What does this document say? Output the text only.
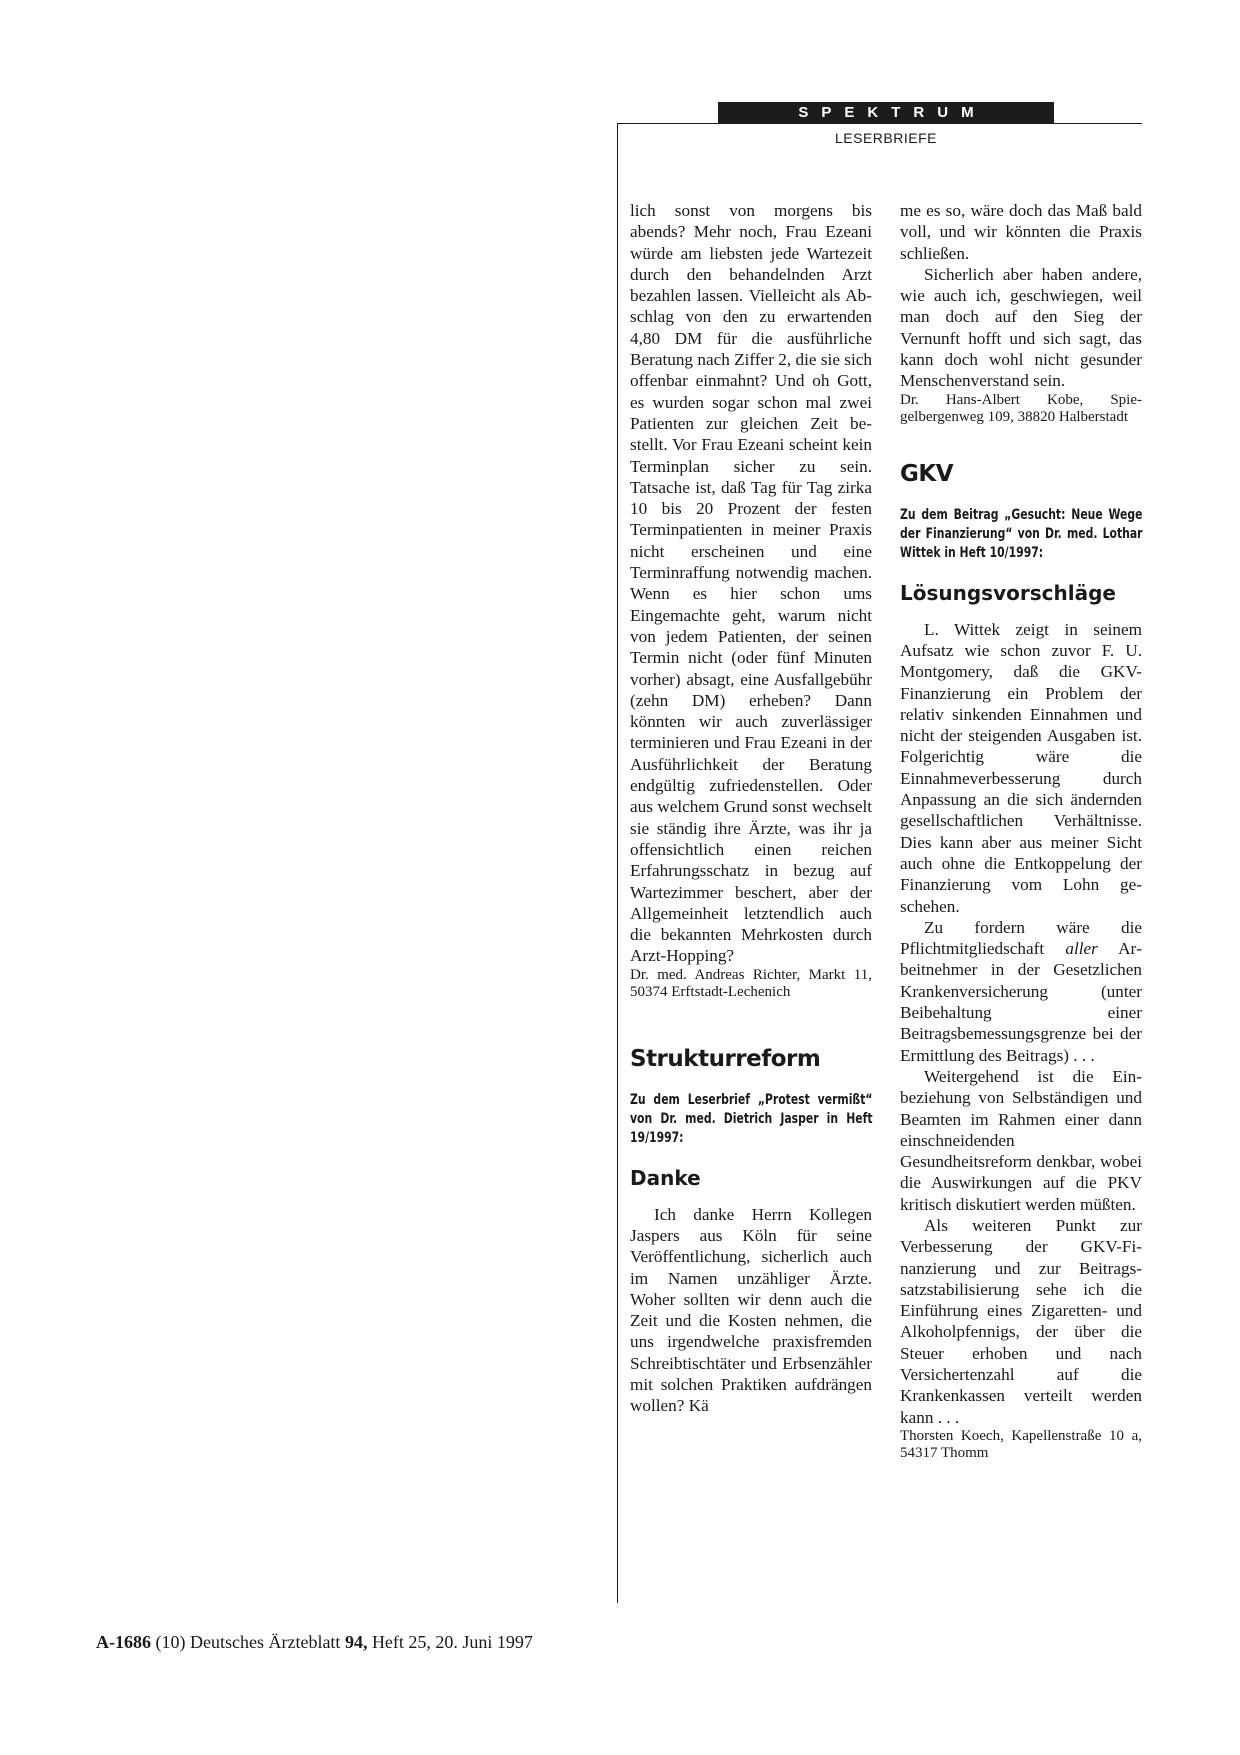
SPEKTRUM
LESERBRIEFE

lich sonst von morgens bis abends? Mehr noch, Frau Ezeani würde am liebsten jede Wartezeit durch den behandelnden Arzt bezahlen lassen. Vielleicht als Abschlag von den zu erwartenden 4,80 DM für die ausführliche Beratung nach Ziffer 2, die sie sich offenbar einmahnt? Und oh Gott, es wurden sogar schon mal zwei Patienten zur gleichen Zeit bestellt. Vor Frau Ezeani scheint kein Terminplan sicher zu sein. Tatsache ist, daß Tag für Tag zirka 10 bis 20 Prozent der festen Terminpatienten in meiner Praxis nicht erscheinen und eine Terminraffung notwendig machen. Wenn es hier schon ums Eingemachte geht, warum nicht von jedem Patienten, der seinen Termin nicht (oder fünf Minuten vorher) absagt, eine Ausfallgebühr (zehn DM) erheben? Dann könnten wir auch zuverlässiger terminieren und Frau Ezeani in der Ausführlichkeit der Beratung endgültig zufriedenstellen. Oder aus welchem Grund sonst wechselt sie ständig ihre Ärzte, was ihr ja offensichtlich einen reichen Erfahrungsschatz in bezug auf Wartezimmer beschert, aber der Allgemeinheit letztendlich auch die bekannten Mehrkosten durch Arzt-Hopping?

Dr. med. Andreas Richter, Markt 11, 50374 Erftstadt-Lechenich

Strukturreform
Zu dem Leserbrief „Protest vermißt“ von Dr. med. Dietrich Jasper in Heft 19/1997:
Danke

Ich danke Herrn Kollegen Jaspers aus Köln für seine Veröffentlichung, sicherlich auch im Namen unzähliger Ärzte. Woher sollten wir denn auch die Zeit und die Kosten nehmen, die uns irgendwelche praxisfremden Schreibtischtäter und Erbsenzähler mit solchen Praktiken aufdrängen wollen? Kä

me es so, wäre doch das Maß bald voll, und wir könnten die Praxis schließen.

Sicherlich aber haben andere, wie auch ich, geschwiegen, weil man doch auf den Sieg der Vernunft hofft und sich sagt, das kann doch wohl nicht gesunder Menschenverstand sein.

Dr. Hans-Albert Kobe, Spiegelbergenweg 109, 38820 Halberstadt

GKV
Zu dem Beitrag „Gesucht: Neue Wege der Finanzierung“ von Dr. med. Lothar Wittek in Heft 10/1997:
Lösungsvorschläge

L. Wittek zeigt in seinem Aufsatz wie schon zuvor F. U. Montgomery, daß die GKV-Finanzierung ein Problem der relativ sinkenden Einnahmen und nicht der steigenden Ausgaben ist. Folgerichtig wäre die Einnahmeverbesserung durch Anpassung an die sich ändernden gesellschaftlichen Verhältnisse. Dies kann aber aus meiner Sicht auch ohne die Entkoppelung der Finanzierung vom Lohn geschehen.

Zu fordern wäre die Pflichtmitgliedschaft aller Arbeitnehmer in der Gesetzlichen Krankenversicherung (unter Beibehaltung einer Beitragsbemessungsgrenze bei der Ermittlung des Beitrags) . . .

Weitergehend ist die Einbeziehung von Selbständigen und Beamten im Rahmen einer dann einschneidenden Gesundheitsreform denkbar, wobei die Auswirkungen auf die PKV kritisch diskutiert werden müßten.

Als weiteren Punkt zur Verbesserung der GKV-Finanzierung und zur Beitragssatzstabilisierung sehe ich die Einführung eines Zigaretten- und Alkoholpfennigs, der über die Steuer erhoben und nach Versichertenzahl auf die Krankenkassen verteilt werden kann . . .

Thorsten Koech, Kapellenstraße 10 a, 54317 Thomm

A-1686 (10) Deutsches Ärzteblatt 94, Heft 25, 20. Juni 1997
